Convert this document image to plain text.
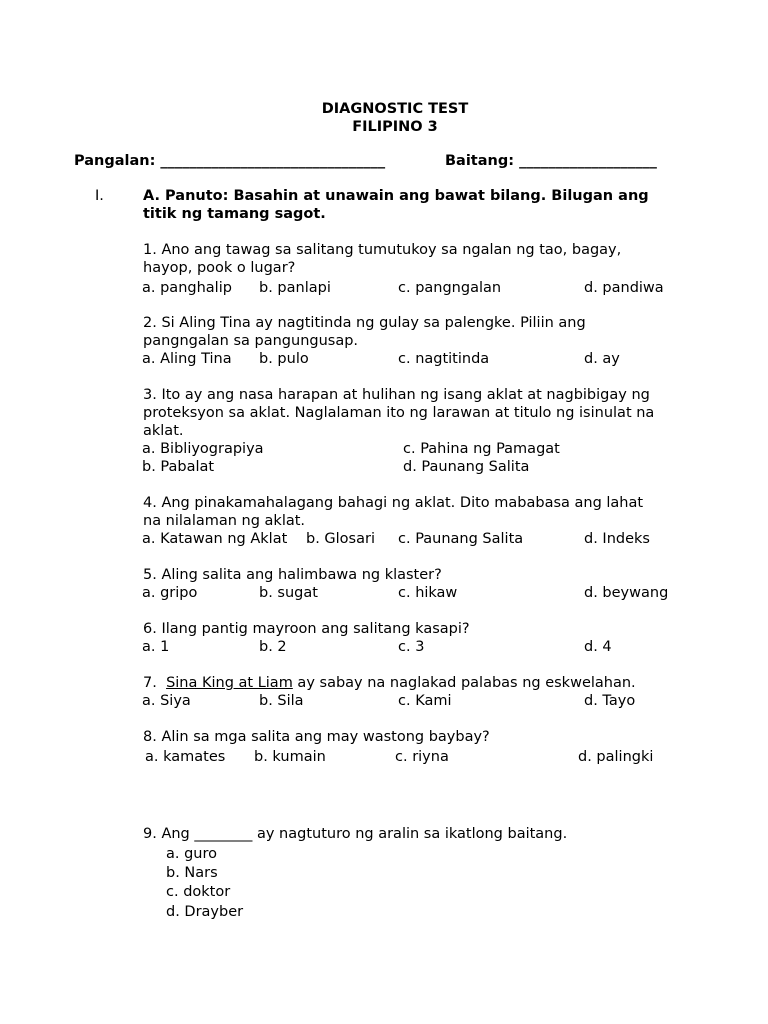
DIAGNOSTIC TEST
FILIPINO 3
Pangalan: _______________________________	Baitang: ___________________
I.	A. Panuto: Basahin at unawain ang bawat bilang. Bilugan ang
titik ng tamang sagot.
1. Ano ang tawag sa salitang tumutukoy sa ngalan ng tao, bagay,
hayop, pook o lugar?
a. panghalip b. panlapi	c. pangngalan	d. pandiwa
2. Si Aling Tina ay nagtitinda ng gulay sa palengke. Piliin ang
pangngalan sa pangungusap.
a. Aling Tina b. pulo	c. nagtitinda	d. ay
3. Ito ay ang nasa harapan at hulihan ng isang aklat at nagbibigay ng
proteksyon sa aklat. Naglalaman ito ng larawan at titulo ng isinulat na
aklat.
a. Bibliyograpiya	c. Pahina ng Pamagat
b. Pabalat	d. Paunang Salita
4. Ang pinakamahalagang bahagi ng aklat. Dito mababasa ang lahat
na nilalaman ng aklat.
a. Katawan ng Aklat b. Glosari c. Paunang Salita	d. Indeks
5. Aling salita ang halimbawa ng klaster?
a. gripo	b. sugat	c. hikaw	d. beywang
6. Ilang pantig mayroon ang salitang kasapi?
a. 1	b. 2	c. 3	d. 4
7.  Sina King at Liam ay sabay na naglakad palabas ng eskwelahan.
a. Siya	b. Sila	c. Kami	d. Tayo
8. Alin sa mga salita ang may wastong baybay?
a. kamates b. kumain	c. riyna	d. palingki
9. Ang ________ ay nagtuturo ng aralin sa ikatlong baitang.
a. guro
b. Nars
c. doktor
d. Drayber
